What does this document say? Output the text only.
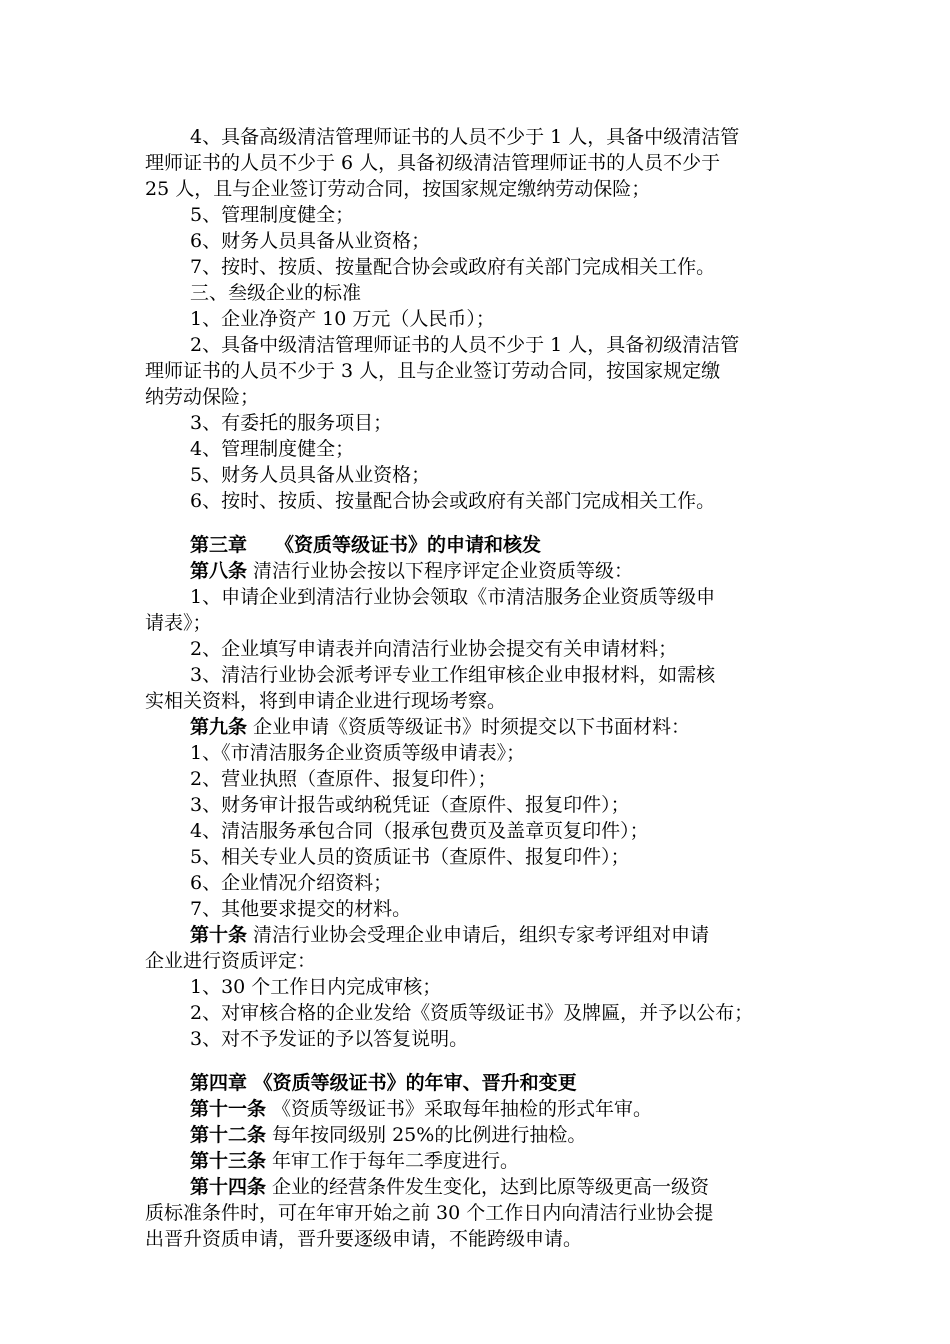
4、具备高级清洁管理师证书的人员不少于 1 人，具备中级清洁管
理师证书的人员不少于 6 人，具备初级清洁管理师证书的人员不少于
25 人，且与企业签订劳动合同，按国家规定缴纳劳动保险；
5、管理制度健全；
6、财务人员具备从业资格；
7、按时、按质、按量配合协会或政府有关部门完成相关工作。
三、叁级企业的标准
1、企业净资产 10 万元（人民币）；
2、具备中级清洁管理师证书的人员不少于 1 人，具备初级清洁管
理师证书的人员不少于 3 人，且与企业签订劳动合同，按国家规定缴
纳劳动保险；
3、有委托的服务项目；
4、管理制度健全；
5、财务人员具备从业资格；
6、按时、按质、按量配合协会或政府有关部门完成相关工作。
第三章 《资质等级证书》的申请和核发
第八条 清洁行业协会按以下程序评定企业资质等级：
1、申请企业到清洁行业协会领取《市清洁服务企业资质等级申
请表》；
2、企业填写申请表并向清洁行业协会提交有关申请材料；
3、清洁行业协会派考评专业工作组审核企业申报材料，如需核
实相关资料，将到申请企业进行现场考察。
第九条 企业申请《资质等级证书》时须提交以下书面材料：
1、《市清洁服务企业资质等级申请表》；
2、营业执照（查原件、报复印件）；
3、财务审计报告或纳税凭证（查原件、报复印件）；
4、清洁服务承包合同（报承包费页及盖章页复印件）；
5、相关专业人员的资质证书（查原件、报复印件）；
6、企业情况介绍资料；
7、其他要求提交的材料。
第十条 清洁行业协会受理企业申请后，组织专家考评组对申请
企业进行资质评定：
1、30 个工作日内完成审核；
2、对审核合格的企业发给《资质等级证书》及牌匾，并予以公布；
3、对不予发证的予以答复说明。
第四章 《资质等级证书》的年审、晋升和变更
第十一条 《资质等级证书》采取每年抽检的形式年审。
第十二条 每年按同级别 25%的比例进行抽检。
第十三条 年审工作于每年二季度进行。
第十四条 企业的经营条件发生变化，达到比原等级更高一级资
质标准条件时，可在年审开始之前 30 个工作日内向清洁行业协会提
出晋升资质申请，晋升要逐级申请，不能跨级申请。
